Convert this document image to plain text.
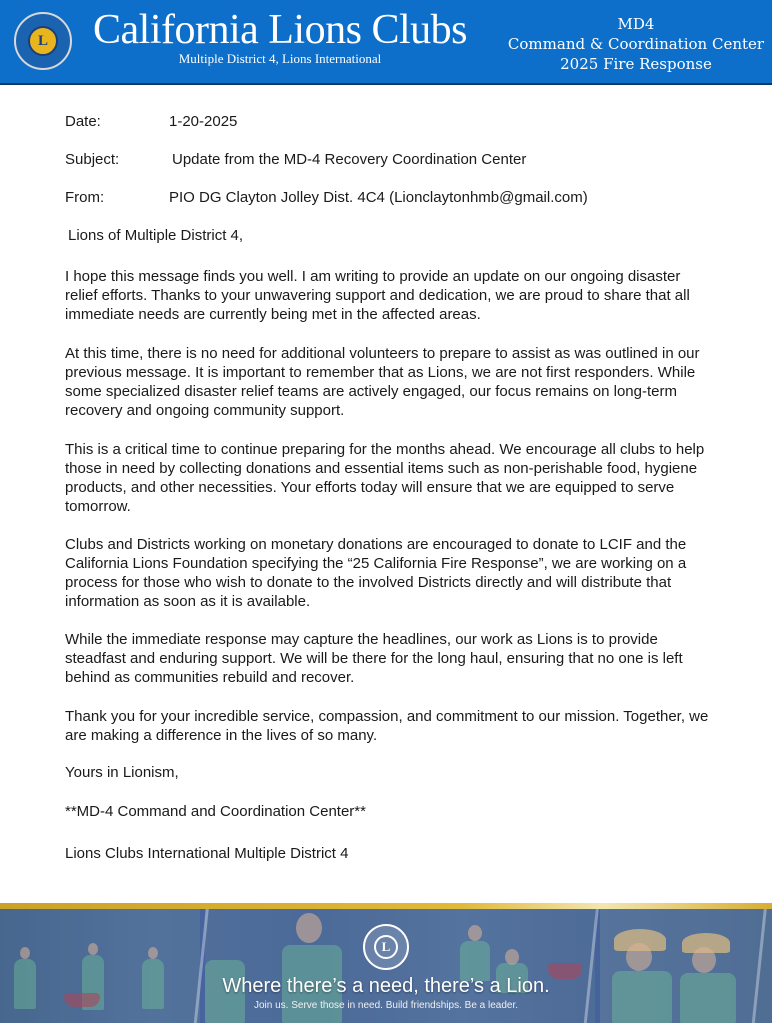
L California Lions Clubs
Multiple District 4, Lions International
MD4
Command & Coordination Center
2025 Fire Response
Date:	1-20-2025
Subject:	Update from the MD-4 Recovery Coordination Center
From:	PIO DG Clayton Jolley Dist. 4C4 (Lionclaytonhmb@gmail.com)
Lions of Multiple District 4,

I hope this message finds you well. I am writing to provide an update on our ongoing disaster relief efforts. Thanks to your unwavering support and dedication, we are proud to share that all immediate needs are currently being met in the affected areas.

At this time, there is no need for additional volunteers to prepare to assist as was outlined in our previous message. It is important to remember that as Lions, we are not first responders. While some specialized disaster relief teams are actively engaged, our focus remains on long-term recovery and ongoing community support.

This is a critical time to continue preparing for the months ahead. We encourage all clubs to help those in need by collecting donations and essential items such as non-perishable food, hygiene products, and other necessities. Your efforts today will ensure that we are equipped to serve tomorrow.

Clubs and Districts working on monetary donations are encouraged to donate to LCIF and the California Lions Foundation specifying the “25 California Fire Response”, we are working on a process for those who wish to donate to the involved Districts directly and will distribute that information as soon as it is available.

While the immediate response may capture the headlines, our work as Lions is to provide steadfast and enduring support. We will be there for the long haul, ensuring that no one is left behind as communities rebuild and recover.

Thank you for your incredible service, compassion, and commitment to our mission. Together, we are making a difference in the lives of so many.

Yours in Lionism,
**MD-4 Command and Coordination Center**
Lions Clubs International Multiple District 4
L
Where there’s a need, there’s a Lion.
Join us. Serve those in need. Build friendships. Be a leader.
